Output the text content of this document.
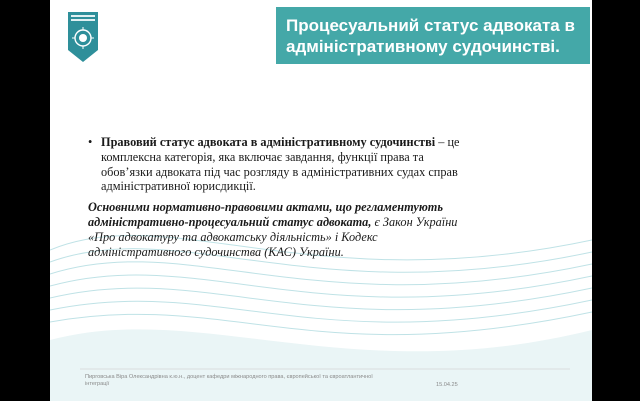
Процесуальний статус адвоката в адміністративному судочинстві.
• Правовий статус адвоката в адміністративному судочинстві – це комплексна категорія, яка включає завдання, функції права та обов’язки адвоката під час розгляду в адміністративних судах справ адміністративної юрисдикції.
Основними нормативно-правовими актами, що регламентують адміністративно-процесуальний статус адвоката, є Закон України «Про адвокатуру та адвокатську діяльність» і Кодекс адміністративного судочинства (КАС) України.
Пирговська Віра Олександрівна к.ю.н., доцент кафедри міжнародного права, європейської та євроатлантичної інтеграції	15.04.25
